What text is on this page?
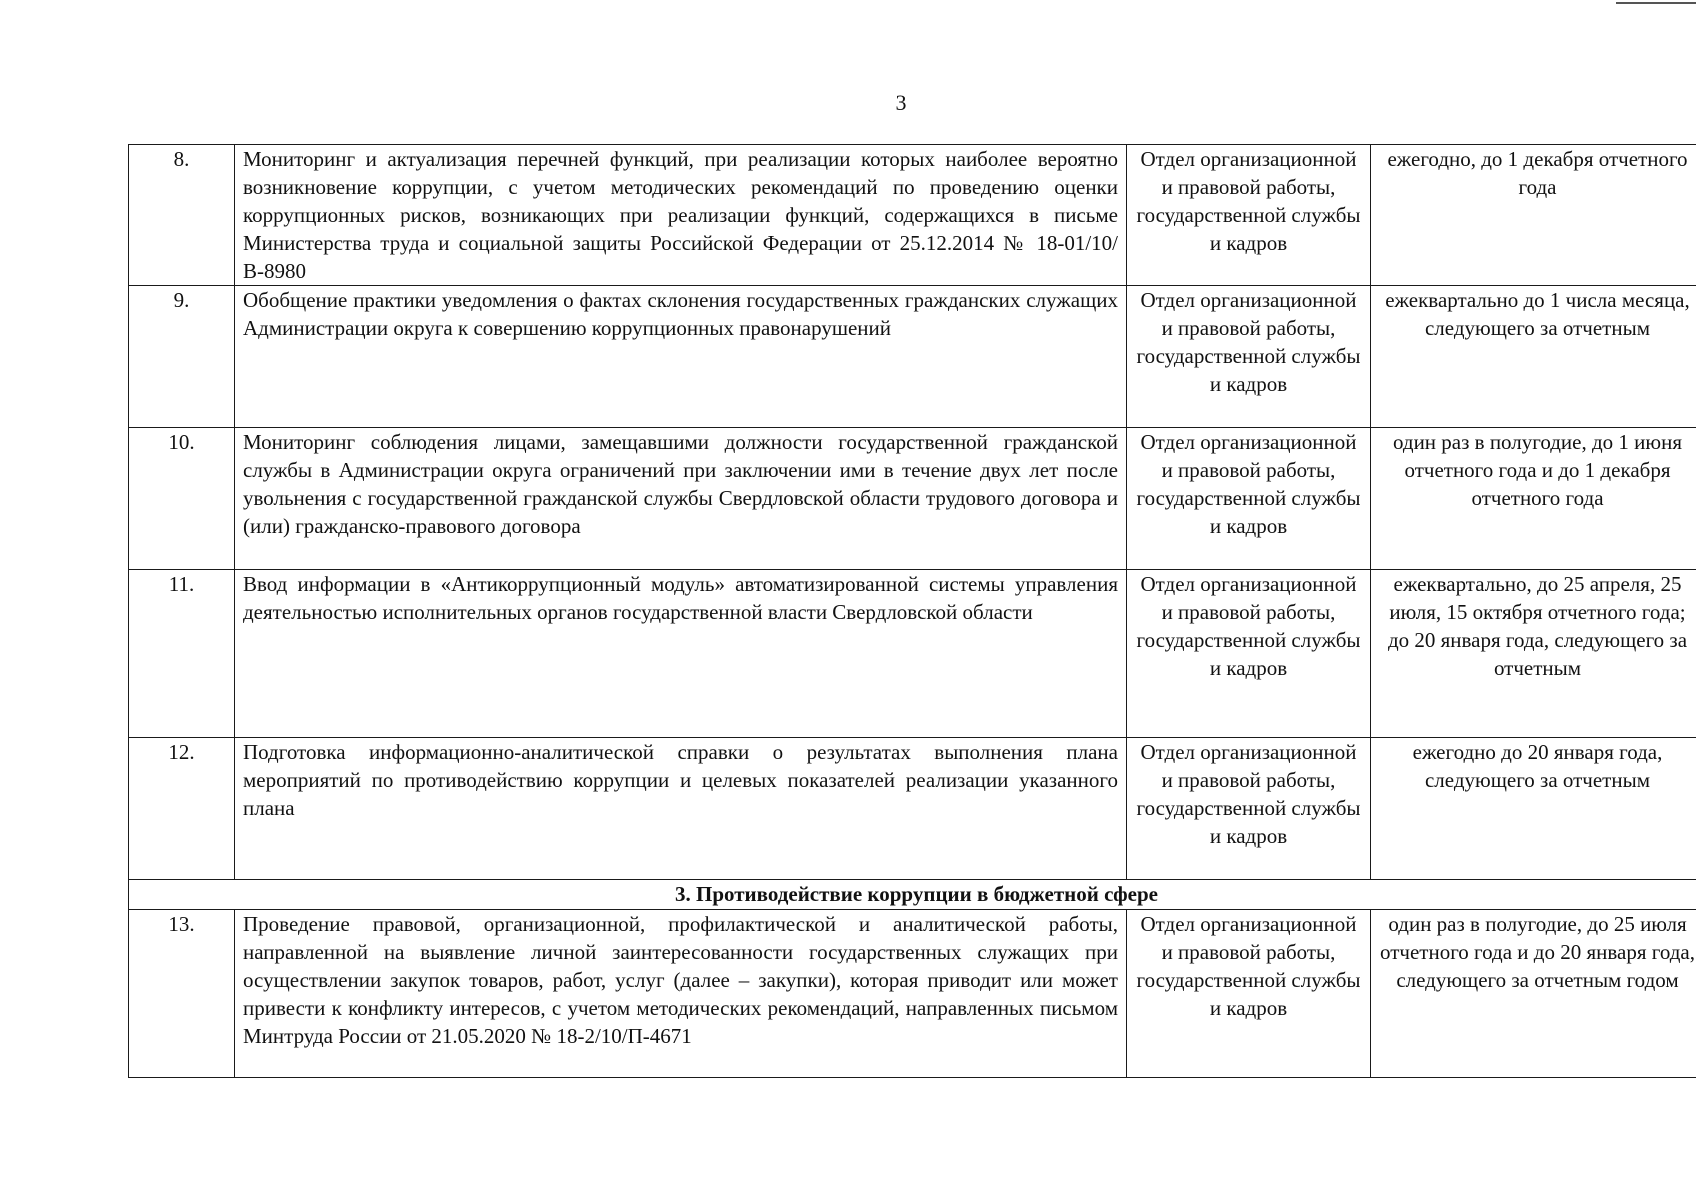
3
8.	Мониторинг и актуализация перечней функций, при реализации которых наиболее вероятно возникновение коррупции, с учетом методических рекомендаций по проведению оценки коррупционных рисков, возникающих при реализации функций, содержащихся в письме Министерства труда и социальной защиты Российской Федерации от 25.12.2014 № 18-01/10/В-8980	Отдел организационной и правовой работы, государственной службы и кадров	ежегодно, до 1 декабря отчетного года
9.	Обобщение практики уведомления о фактах склонения государственных гражданских служащих Администрации округа к совершению коррупционных правонарушений	Отдел организационной и правовой работы, государственной службы и кадров	ежеквартально до 1 числа месяца, следующего за отчетным
10.	Мониторинг соблюдения лицами, замещавшими должности государственной гражданской службы в Администрации округа ограничений при заключении ими в течение двух лет после увольнения с государственной гражданской службы Свердловской области трудового договора и (или) гражданско-правового договора	Отдел организационной и правовой работы, государственной службы и кадров	один раз в полугодие, до 1 июня отчетного года и до 1 декабря отчетного года
11.	Ввод информации в «Антикоррупционный модуль» автоматизированной системы управления деятельностью исполнительных органов государственной власти Свердловской области	Отдел организационной и правовой работы, государственной службы и кадров	ежеквартально, до 25 апреля, 25 июля, 15 октября отчетного года; до 20 января года, следующего за отчетным
12.	Подготовка информационно-аналитической справки о результатах выполнения плана мероприятий по противодействию коррупции и целевых показателей реализации указанного плана	Отдел организационной и правовой работы, государственной службы и кадров	ежегодно до 20 января года, следующего за отчетным
3. Противодействие коррупции в бюджетной сфере			
13.	Проведение правовой, организационной, профилактической и аналитической работы, направленной на выявление личной заинтересованности государственных служащих при осуществлении закупок товаров, работ, услуг (далее – закупки), которая приводит или может привести к конфликту интересов, с учетом методических рекомендаций, направленных письмом Минтруда России от 21.05.2020 № 18-2/10/П-4671	Отдел организационной и правовой работы, государственной службы и кадров	один раз в полугодие, до 25 июля отчетного года и до 20 января года, следующего за отчетным годом
